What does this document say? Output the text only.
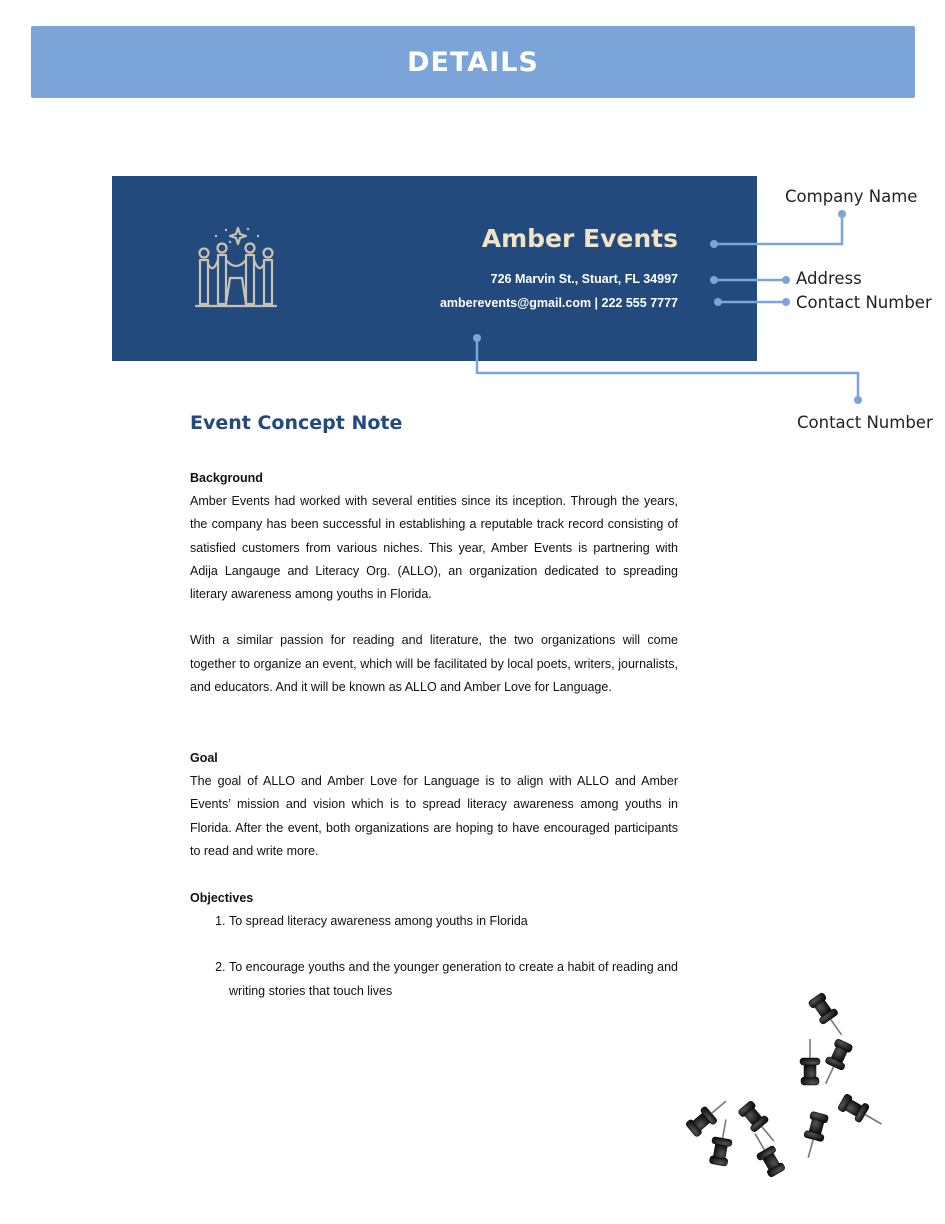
DETAILS
Amber Events
726 Marvin St., Stuart, FL 34997
amberevents@gmail.com | 222 555 7777
Company Name
Address
Contact Number
Contact Number
Event Concept Note
Background

Amber Events had worked with several entities since its inception. Through the years, the company has been successful in establishing a reputable track record consisting of satisfied customers from various niches. This year, Amber Events is partnering with Adija Langauge and Literacy Org. (ALLO), an organization dedicated to spreading literary awareness among youths in Florida.

With a similar passion for reading and literature, the two organizations will come together to organize an event, which will be facilitated by local poets, writers, journalists, and educators. And it will be known as ALLO and Amber Love for Language.

Goal

The goal of ALLO and Amber Love for Language is to align with ALLO and Amber Events’ mission and vision which is to spread literacy awareness among youths in Florida. After the event, both organizations are hoping to have encouraged participants to read and write more.

Objectives
1. To spread literacy awareness among youths in Florida
2. To encourage youths and the younger generation to create a habit of reading and writing stories that touch lives
